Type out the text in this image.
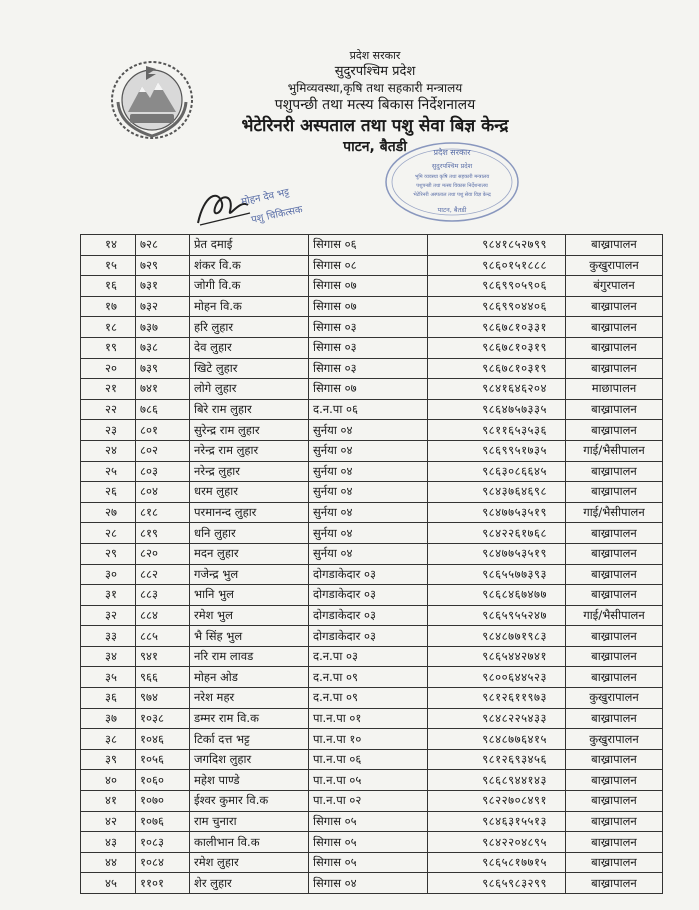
प्रदेश सरकार
सुदुरपश्चिम प्रदेश
भुमिव्यवस्था,कृषि तथा सहकारी मन्त्रालय
पशुपन्छी तथा मत्स्य बिकास निर्देशनालय
भेटेरिनरी अस्पताल तथा पशु सेवा बिज्ञ केन्द्र
पाटन, बैतडी	प्रदेश सरकार
सुदुरपश्चिम प्रदेश
भूमि व्यवस्था कृषि तथा सहकारी मन्त्रालय
पशुपन्छी तथा मत्स्य विकास निर्देशनालय
भेटेरिनरी अस्पताल तथा पशु सेवा विज्ञ केन्द्र
पाटन, बैतडी
मोहन देव भट्ट
पशु चिकित्सक
१४	७२८	प्रेत दमाई	सिगास ०६	९८४१८५२७९९	बाख्रापालन
१५	७२९	शंकर वि.क	सिगास ०८	९८६०१५१८८८	कुखुरापालन
१६	७३१	जोगी वि.क	सिगास ०७	९८६९९०५९०६	बंगुरपालन
१७	७३२	मोहन वि.क	सिगास ०७	९८६९९०४४०६	बाख्रापालन
१८	७३७	हरि लुहार	सिगास ०३	९८६७८१०३३१	बाख्रापालन
१९	७३८	देव लुहार	सिगास ०३	९८६७८१०३१९	बाख्रापालन
२०	७३९	खिटे लुहार	सिगास ०३	९८६७८१०३१९	बाख्रापालन
२१	७४१	लोगे लुहार	सिगास ०७	९८४१६४६२०४	माछापालन
२२	७८६	बिरे राम लुहार	द.न.पा ०६	९८६४७५७३३५	बाख्रापालन
२३	८०१	सुरेन्द्र राम लुहार	सुर्नया ०४	९८११६५३५३६	बाख्रापालन
२४	८०२	नरेन्द्र राम लुहार	सुर्नया ०४	९८६९९५१७३५	गाई/भैसीपालन
२५	८०३	नरेन्द्र लुहार	सुर्नया ०४	९८६३०८६६४५	बाख्रापालन
२६	८०४	धरम लुहार	सुर्नया ०४	९८४३७६४६९८	बाख्रापालन
२७	८१८	परमानन्द लुहार	सुर्नया ०४	९८४७७५३५१९	गाई/भैसीपालन
२८	८१९	धनि लुहार	सुर्नया ०४	९८४२२६१७६८	बाख्रापालन
२९	८२०	मदन लुहार	सुर्नया ०४	९८४७७५३५१९	बाख्रापालन
३०	८८२	गजेन्द्र भुल	दोगडाकेदार ०३	९८६५५७७३९३	बाख्रापालन
३१	८८३	भानि भुल	दोगडाकेदार ०३	९८६८४६७४७७	बाख्रापालन
३२	८८४	रमेश भुल	दोगडाकेदार ०३	९८६५९५५२४७	गाई/भैसीपालन
३३	८८५	भै सिंह भुल	दोगडाकेदार ०३	९८४८७७१९८३	बाख्रापालन
३४	९४१	नरि राम लावड	द.न.पा ०३	९८६५४४२७४१	बाख्रापालन
३५	९६६	मोहन ओड	द.न.पा ०९	९८००६४४५२३	बाख्रापालन
३६	९७४	नरेश महर	द.न.पा ०९	९८१२६११९७३	कुखुरापालन
३७	१०३८	डम्मर राम वि.क	पा.न.पा ०१	९८४८२२५४३३	बाख्रापालन
३८	१०४६	टिर्का दत्त भट्ट	पा.न.पा १०	९८४८७७६४१५	कुखुरापालन
३९	१०५६	जगदिश लुहार	पा.न.पा ०६	९८१२६९३४५६	बाख्रापालन
४०	१०६०	महेश पाण्डे	पा.न.पा ०५	९८६८९४४१४३	बाख्रापालन
४१	१०७०	ईश्वर कुमार वि.क	पा.न.पा ०२	९८२२७०८४९१	बाख्रापालन
४२	१०७६	राम चुनारा	सिगास ०५	९८४६३१५५१३	बाख्रापालन
४३	१०८३	कालीभान वि.क	सिगास ०५	९८४२२०४८९५	बाख्रापालन
४४	१०८४	रमेश लुहार	सिगास ०५	९८६५८१७७१५	बाख्रापालन
४५	११०१	शेर लुहार	सिगास ०४	९८६५९८३२९९	बाख्रापालन
